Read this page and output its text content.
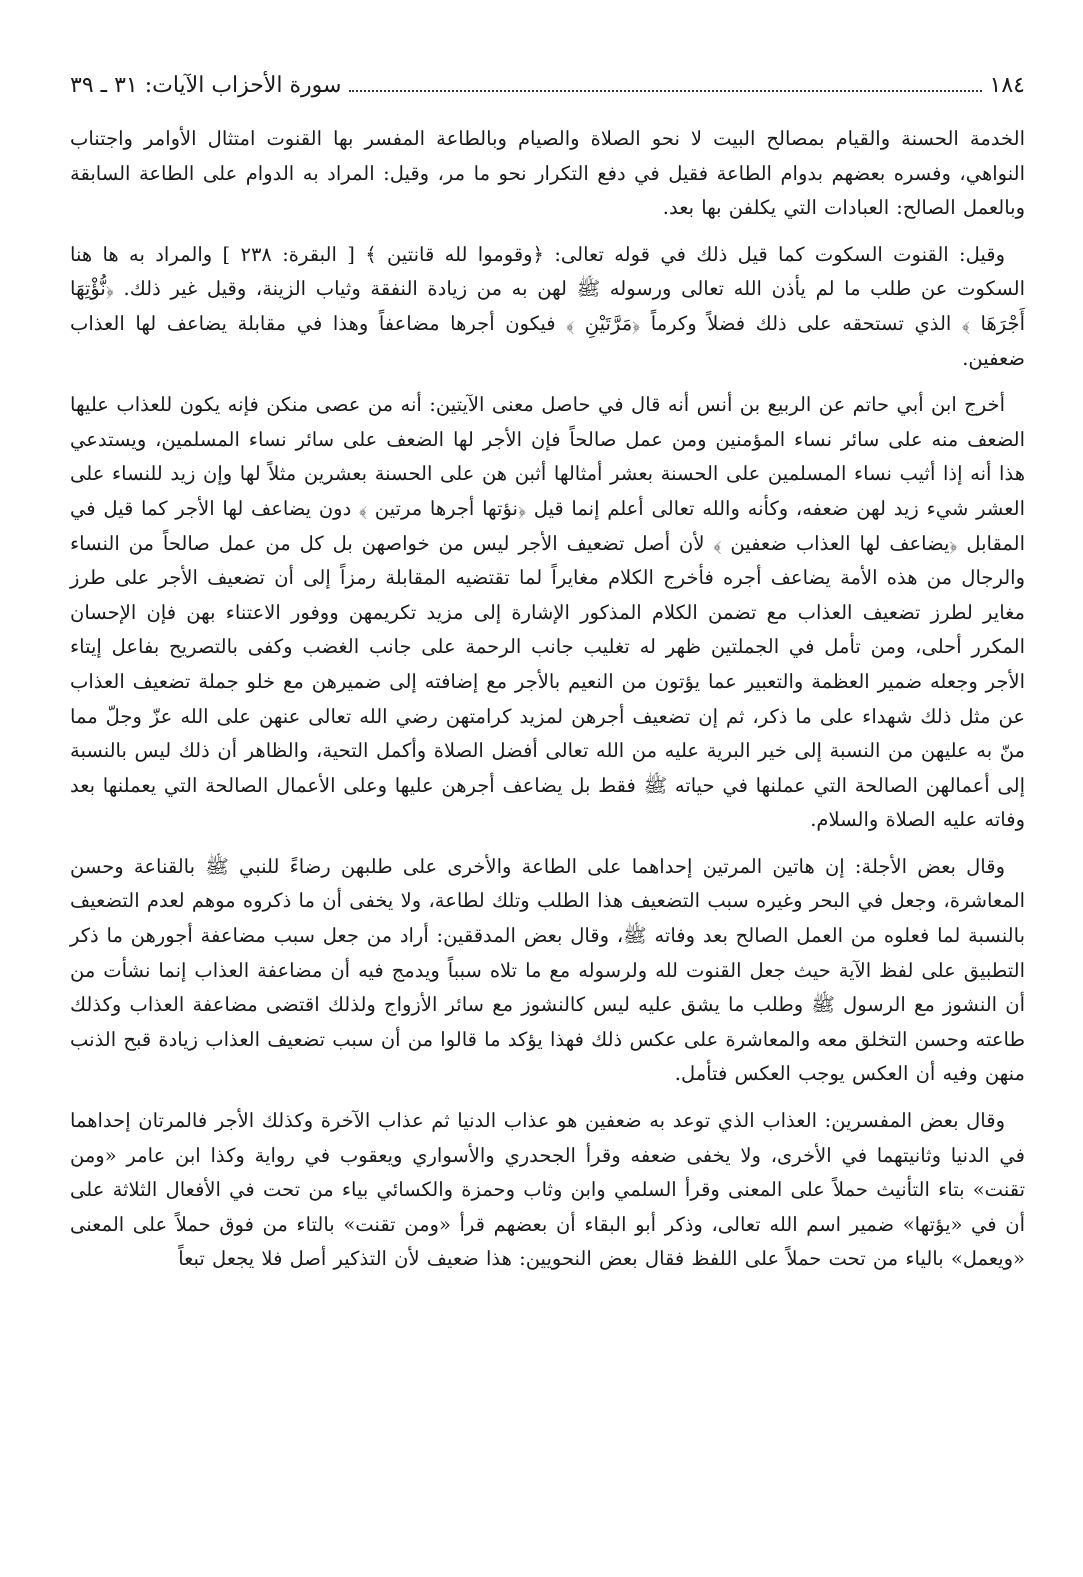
١٨٤
سورة الأحزاب الآيات: ٣١ ـ ٣٩

الخدمة الحسنة والقيام بمصالح البيت لا نحو الصلاة والصيام وبالطاعة المفسر بها القنوت امتثال الأوامر واجتناب النواهي، وفسره بعضهم بدوام الطاعة فقيل في دفع التكرار نحو ما مر، وقيل: المراد به الدوام على الطاعة السابقة وبالعمل الصالح: العبادات التي يكلفن بها بعد.

وقيل: القنوت السكوت كما قيل ذلك في قوله تعالى: ﴿وقوموا لله قانتين ﴾ [ البقرة: ٢٣٨ ] والمراد به ها هنا السكوت عن طلب ما لم يأذن الله تعالى ورسوله ﷺ لهن به من زيادة النفقة وثياب الزينة، وقيل غير ذلك. ﴿نُّؤْتِهَا أَجْرَهَا ﴾ الذي تستحقه على ذلك فضلاً وكرماً ﴿مَرَّتَيْنِ ﴾ فيكون أجرها مضاعفاً وهذا في مقابلة يضاعف لها العذاب ضعفين.

أخرج ابن أبي حاتم عن الربيع بن أنس أنه قال في حاصل معنى الآيتين: أنه من عصى منكن فإنه يكون للعذاب عليها الضعف منه على سائر نساء المؤمنين ومن عمل صالحاً فإن الأجر لها الضعف على سائر نساء المسلمين، ويستدعي هذا أنه إذا أثيب نساء المسلمين على الحسنة بعشر أمثالها أثبن هن على الحسنة بعشرين مثلاً لها وإن زيد للنساء على العشر شيء زيد لهن ضعفه، وكأنه والله تعالى أعلم إنما قيل ﴿نؤتها أجرها مرتين ﴾ دون يضاعف لها الأجر كما قيل في المقابل ﴿يضاعف لها العذاب ضعفين ﴾ لأن أصل تضعيف الأجر ليس من خواصهن بل كل من عمل صالحاً من النساء والرجال من هذه الأمة يضاعف أجره فأخرج الكلام مغايراً لما تقتضيه المقابلة رمزاً إلى أن تضعيف الأجر على طرز مغاير لطرز تضعيف العذاب مع تضمن الكلام المذكور الإشارة إلى مزيد تكريمهن ووفور الاعتناء بهن فإن الإحسان المكرر أحلى، ومن تأمل في الجملتين ظهر له تغليب جانب الرحمة على جانب الغضب وكفى بالتصريح بفاعل إيتاء الأجر وجعله ضمير العظمة والتعبير عما يؤتون من النعيم بالأجر مع إضافته إلى ضميرهن مع خلو جملة تضعيف العذاب عن مثل ذلك شهداء على ما ذكر، ثم إن تضعيف أجرهن لمزيد كرامتهن رضي الله تعالى عنهن على الله عزّ وجلّ مما منّ به عليهن من النسبة إلى خير البرية عليه من الله تعالى أفضل الصلاة وأكمل التحية، والظاهر أن ذلك ليس بالنسبة إلى أعمالهن الصالحة التي عملنها في حياته ﷺ فقط بل يضاعف أجرهن عليها وعلى الأعمال الصالحة التي يعملنها بعد وفاته عليه الصلاة والسلام.

وقال بعض الأجلة: إن هاتين المرتين إحداهما على الطاعة والأخرى على طلبهن رضاءً للنبي ﷺ بالقناعة وحسن المعاشرة، وجعل في البحر وغيره سبب التضعيف هذا الطلب وتلك لطاعة، ولا يخفى أن ما ذكروه موهم لعدم التضعيف بالنسبة لما فعلوه من العمل الصالح بعد وفاته ﷺ، وقال بعض المدققين: أراد من جعل سبب مضاعفة أجورهن ما ذكر التطبيق على لفظ الآية حيث جعل القنوت لله ولرسوله مع ما تلاه سبباً ويدمج فيه أن مضاعفة العذاب إنما نشأت من أن النشوز مع الرسول ﷺ وطلب ما يشق عليه ليس كالنشوز مع سائر الأزواج ولذلك اقتضى مضاعفة العذاب وكذلك طاعته وحسن التخلق معه والمعاشرة على عكس ذلك فهذا يؤكد ما قالوا من أن سبب تضعيف العذاب زيادة قبح الذنب منهن وفيه أن العكس يوجب العكس فتأمل.

وقال بعض المفسرين: العذاب الذي توعد به ضعفين هو عذاب الدنيا ثم عذاب الآخرة وكذلك الأجر فالمرتان إحداهما في الدنيا وثانيتهما في الأخرى، ولا يخفى ضعفه وقرأ الجحدري والأسواري ويعقوب في رواية وكذا ابن عامر «ومن تقنت» بتاء التأنيث حملاً على المعنى وقرأ السلمي وابن وثاب وحمزة والكسائي بياء من تحت في الأفعال الثلاثة على أن في «يؤتها» ضمير اسم الله تعالى، وذكر أبو البقاء أن بعضهم قرأ «ومن تقنت» بالتاء من فوق حملاً على المعنى «ويعمل» بالياء من تحت حملاً على اللفظ فقال بعض النحويين: هذا ضعيف لأن التذكير أصل فلا يجعل تبعاً
